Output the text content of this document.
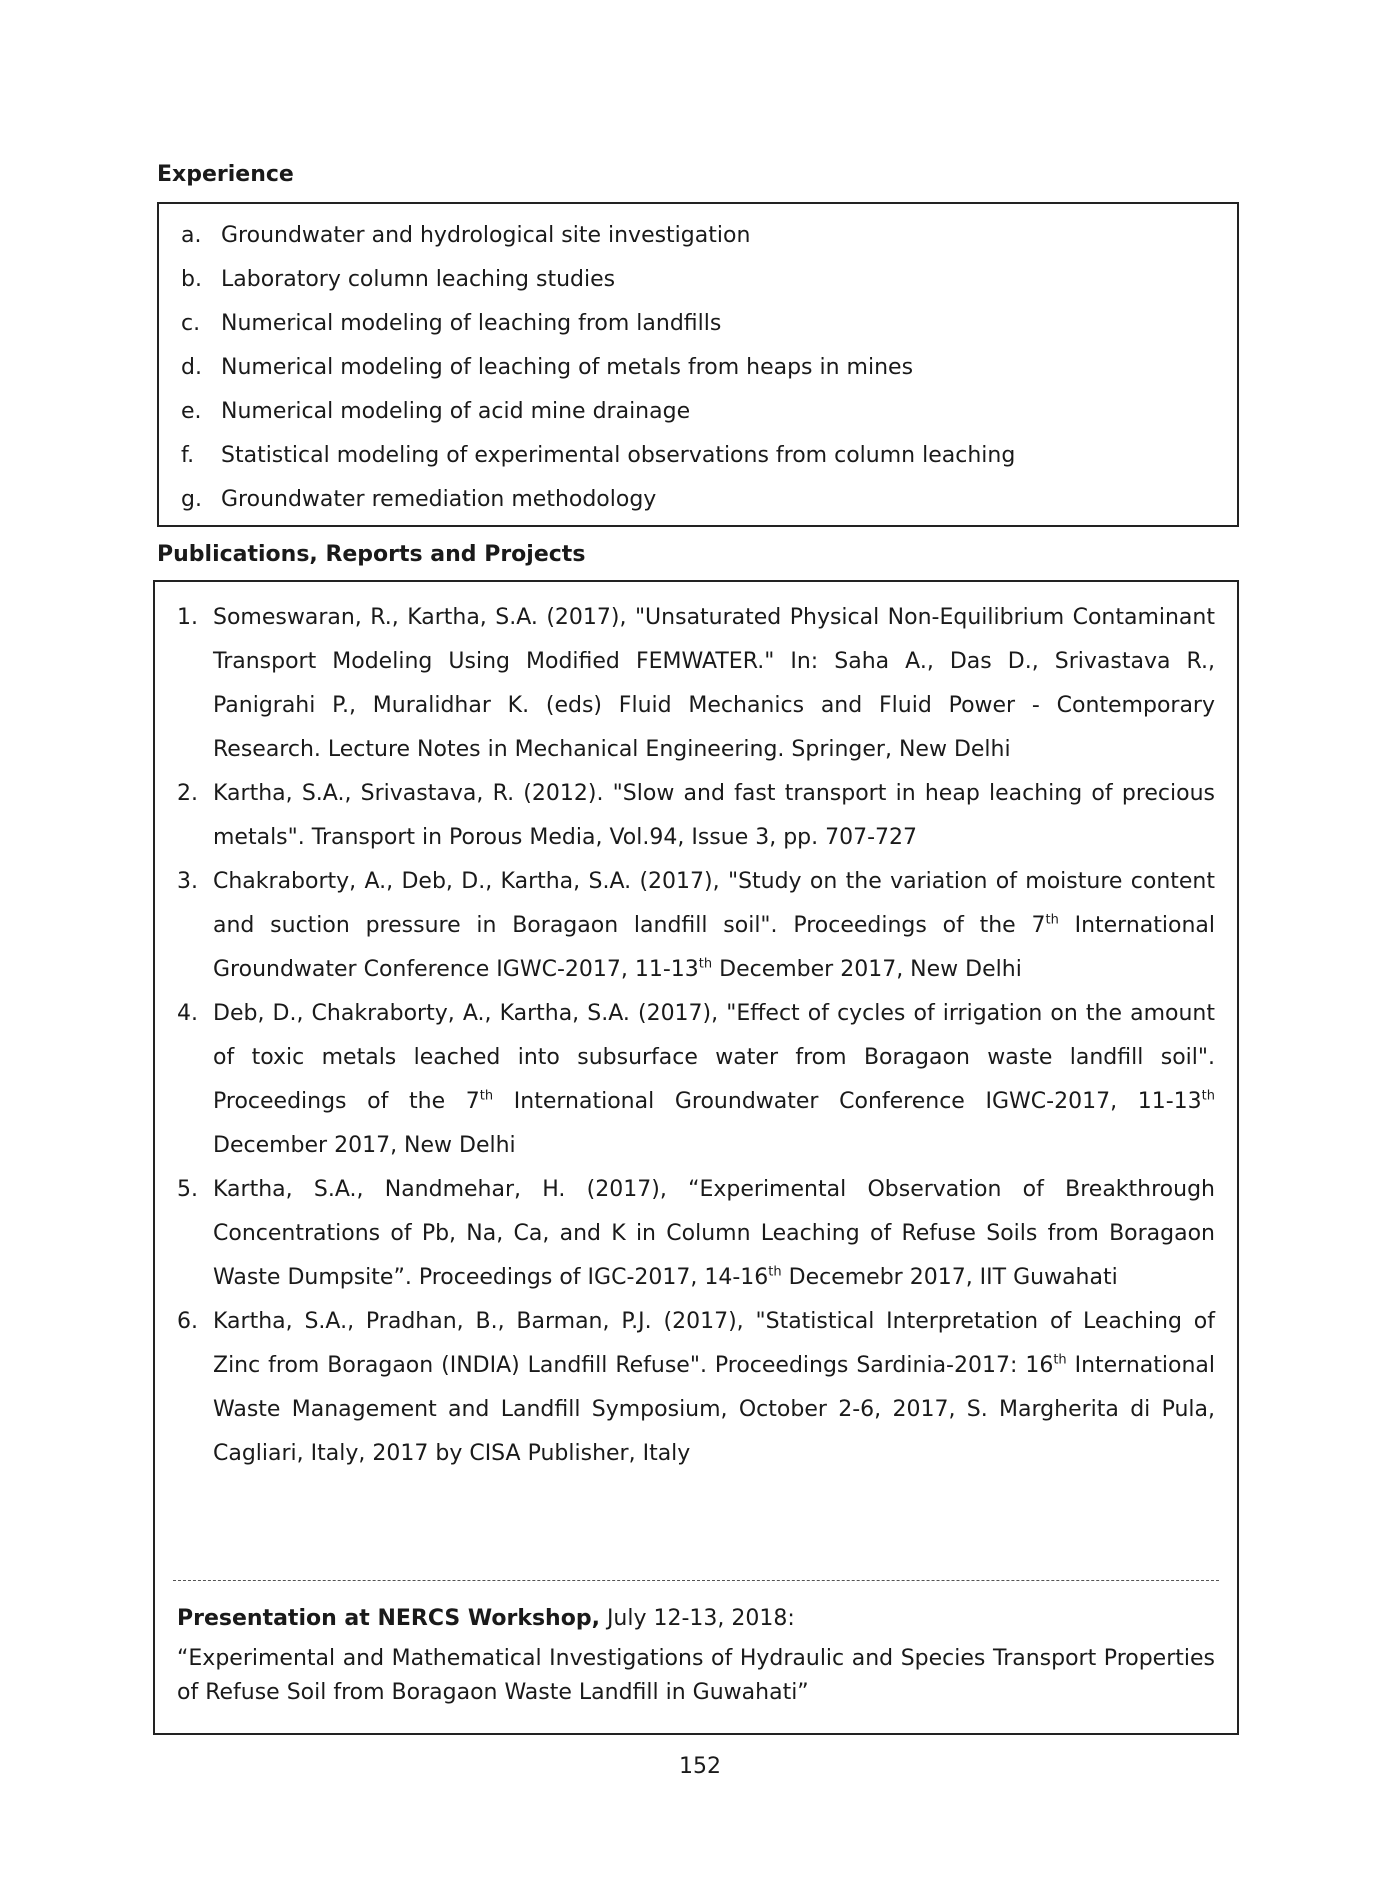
Experience
a. Groundwater and hydrological site investigation
b. Laboratory column leaching studies
c. Numerical modeling of leaching from landfills
d. Numerical modeling of leaching of metals from heaps in mines
e. Numerical modeling of acid mine drainage
f.	Statistical modeling of experimental observations from column leaching
g. Groundwater remediation methodology
Publications, Reports and Projects
1. Someswaran, R., Kartha, S.A. (2017), "Unsaturated Physical Non-Equilibrium Contaminant Transport Modeling Using Modified FEMWATER." In: Saha A., Das D., Srivastava R., Panigrahi P., Muralidhar K. (eds) Fluid Mechanics and Fluid Power - Contemporary Research. Lecture Notes in Mechanical Engineering. Springer, New Delhi
2. Kartha, S.A., Srivastava, R. (2012). "Slow and fast transport in heap leaching of precious metals". Transport in Porous Media, Vol.94, Issue 3, pp. 707-727
3. Chakraborty, A., Deb, D., Kartha, S.A. (2017), "Study on the variation of moisture content and suction pressure in Boragaon landfill soil". Proceedings of the 7th International Groundwater Conference IGWC-2017, 11-13th December 2017, New Delhi
4. Deb, D., Chakraborty, A., Kartha, S.A. (2017), "Effect of cycles of irrigation on the amount of toxic metals leached into subsurface water from Boragaon waste landfill soil". Proceedings of the 7th International Groundwater Conference IGWC-2017, 11-13th December 2017, New Delhi
5. Kartha, S.A., Nandmehar, H. (2017), “Experimental Observation of Breakthrough Concentrations of Pb, Na, Ca, and K in Column Leaching of Refuse Soils from Boragaon Waste Dumpsite”. Proceedings of IGC-2017, 14-16th Decemebr 2017, IIT Guwahati
6. Kartha, S.A., Pradhan, B., Barman, P.J. (2017), "Statistical Interpretation of Leaching of Zinc from Boragaon (INDIA) Landfill Refuse". Proceedings Sardinia-2017: 16th International Waste Management and Landfill Symposium, October 2-6, 2017, S. Margherita di Pula, Cagliari, Italy, 2017 by CISA Publisher, Italy

Presentation at NERCS Workshop, July 12-13, 2018:

“Experimental and Mathematical Investigations of Hydraulic and Species Transport Properties of Refuse Soil from Boragaon Waste Landfill in Guwahati”

152
